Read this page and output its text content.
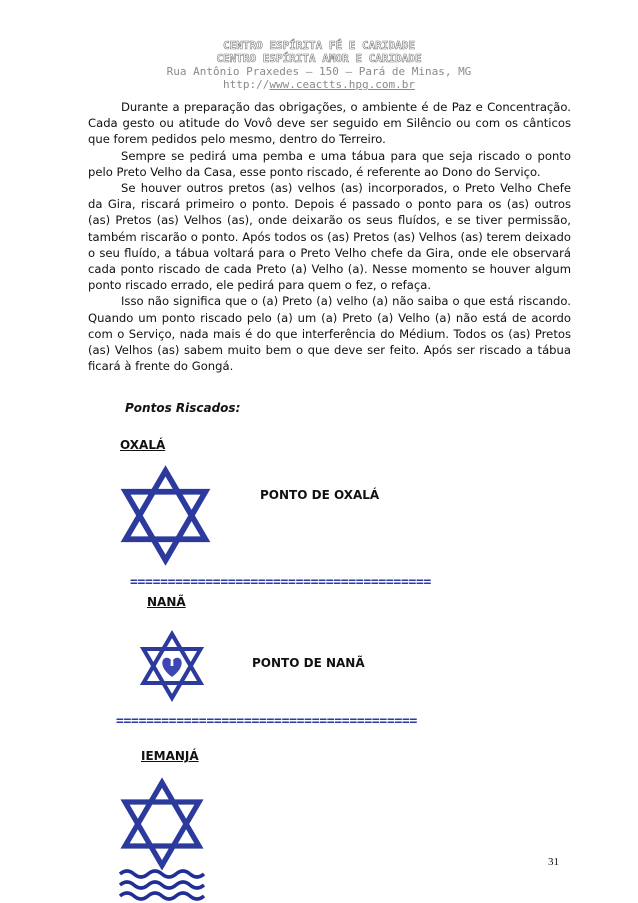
CENTRO ESPÍRITA FÉ E CARIDADE
CENTRO ESPÍRITA AMOR E CARIDADE
Rua Antônio Praxedes – 150 – Pará de Minas, MG
http://www.ceactts.hpg.com.br

Durante a preparação das obrigações, o ambiente é de Paz e Concentração. Cada gesto ou atitude do Vovô deve ser seguido em Silêncio ou com os cânticos que forem pedidos pelo mesmo, dentro do Terreiro.

Sempre se pedirá uma pemba e uma tábua para que seja riscado o ponto pelo Preto Velho da Casa, esse ponto riscado, é referente ao Dono do Serviço.

Se houver outros pretos (as) velhos (as) incorporados, o Preto Velho Chefe da Gira, riscará primeiro o ponto. Depois é passado o ponto para os (as) outros (as) Pretos (as) Velhos (as), onde deixarão os seus fluídos, e se tiver permissão, também riscarão o ponto. Após todos os (as) Pretos (as) Velhos (as) terem deixado o seu fluído, a tábua voltará para o Preto Velho chefe da Gira, onde ele observará cada ponto riscado de cada Preto (a) Velho (a). Nesse momento se houver algum ponto riscado errado, ele pedirá para quem o fez, o refaça.

Isso não significa que o (a) Preto (a) velho (a) não saiba o que está riscando. Quando um ponto riscado pelo (a) um (a) Preto (a) Velho (a) não está de acordo com o Serviço, nada mais é do que interferência do Médium. Todos os (as) Pretos (as) Velhos (as) sabem muito bem o que deve ser feito. Após ser riscado a tábua ficará à frente do Gongá.

Pontos Riscados:
OXALÁ
PONTO DE OXALÁ
========================================
NANÃ
PONTO DE NANÃ
========================================
IEMANJÁ
31
